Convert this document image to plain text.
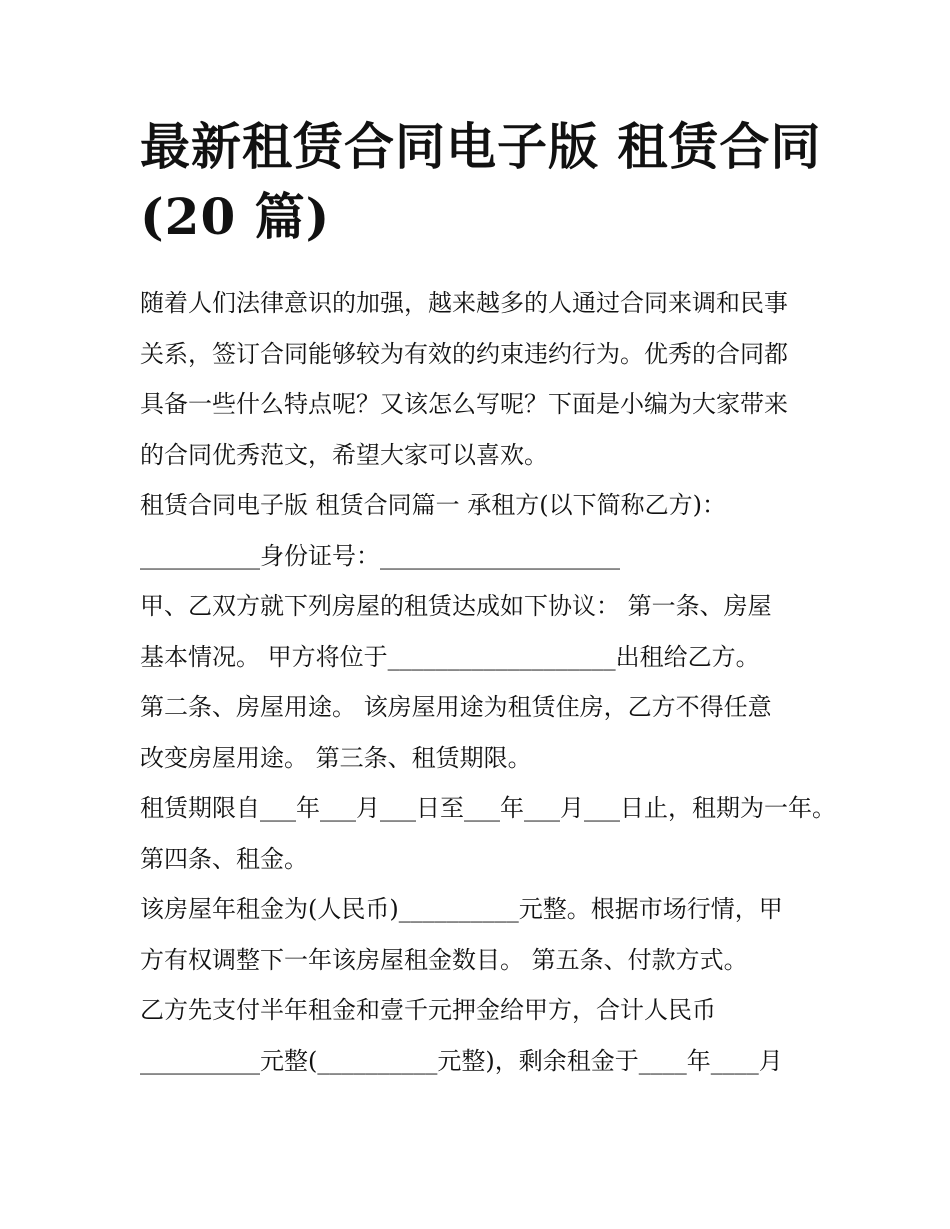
最新租赁合同电子版 租赁合同
(20 篇)

随着人们法律意识的加强，越来越多的人通过合同来调和民事

关系，签订合同能够较为有效的约束违约行为。优秀的合同都

具备一些什么特点呢？又该怎么写呢？下面是小编为大家带来

的合同优秀范文，希望大家可以喜欢。

租赁合同电子版 租赁合同篇一 承租方(以下简称乙方)：

__________身份证号：____________________

甲、乙双方就下列房屋的租赁达成如下协议： 第一条、房屋

基本情况。 甲方将位于___________________出租给乙方。

第二条、房屋用途。 该房屋用途为租赁住房，乙方不得任意

改变房屋用途。 第三条、租赁期限。

租赁期限自___年___月___日至___年___月___日止，租期为一年。

第四条、租金。

该房屋年租金为(人民币)__________元整。根据市场行情，甲

方有权调整下一年该房屋租金数目。 第五条、付款方式。

乙方先支付半年租金和壹千元押金给甲方，合计人民币

__________元整(__________元整)，剩余租金于____年____月
